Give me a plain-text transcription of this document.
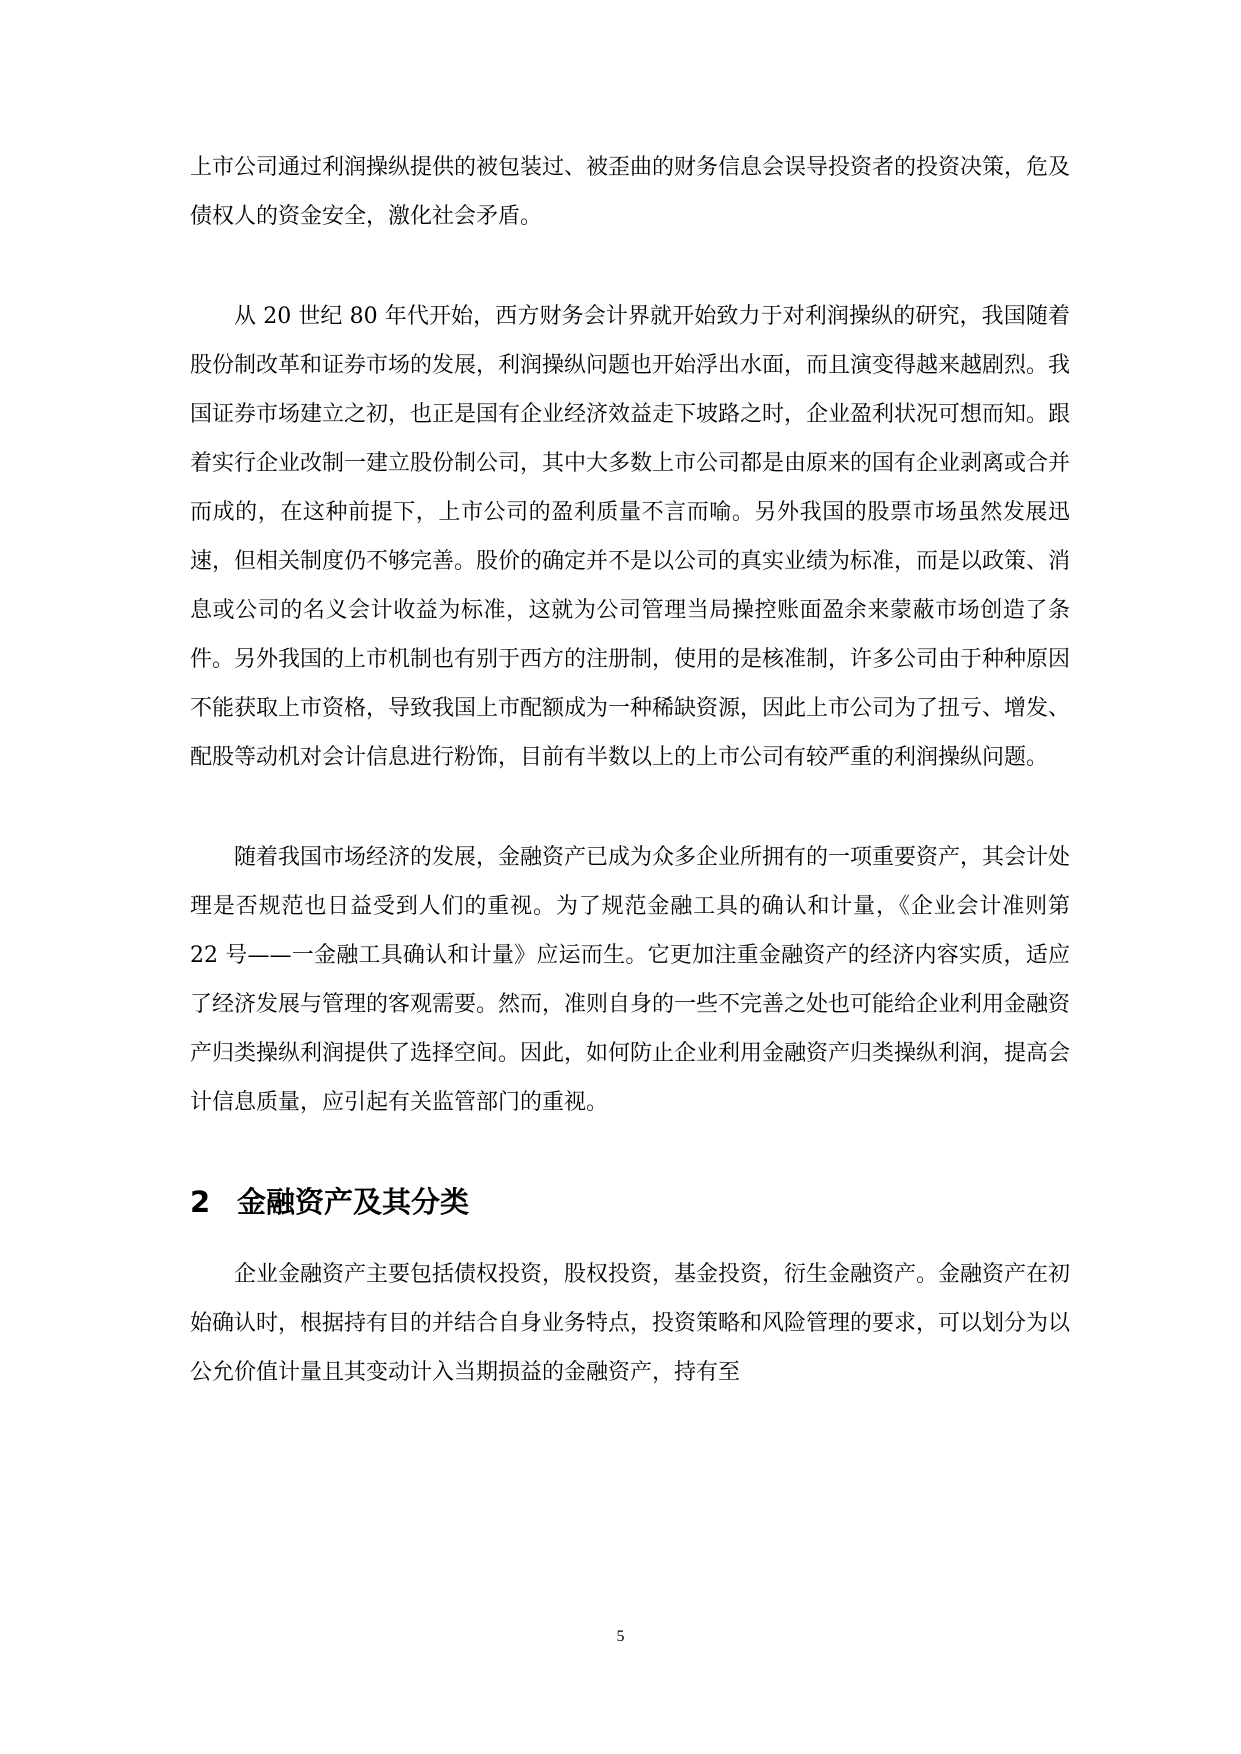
上市公司通过利润操纵提供的被包装过、被歪曲的财务信息会误导投资者的投资决策，危及债权人的资金安全，激化社会矛盾。

从 20 世纪 80 年代开始，西方财务会计界就开始致力于对利润操纵的研究，我国随着股份制改革和证券市场的发展，利润操纵问题也开始浮出水面，而且演变得越来越剧烈。我国证券市场建立之初，也正是国有企业经济效益走下坡路之时，企业盈利状况可想而知。跟着实行企业改制一建立股份制公司，其中大多数上市公司都是由原来的国有企业剥离或合并而成的，在这种前提下，上市公司的盈利质量不言而喻。另外我国的股票市场虽然发展迅速，但相关制度仍不够完善。股价的确定并不是以公司的真实业绩为标准，而是以政策、消息或公司的名义会计收益为标准，这就为公司管理当局操控账面盈余来蒙蔽市场创造了条件。另外我国的上市机制也有别于西方的注册制，使用的是核准制，许多公司由于种种原因不能获取上市资格，导致我国上市配额成为一种稀缺资源，因此上市公司为了扭亏、增发、配股等动机对会计信息进行粉饰，目前有半数以上的上市公司有较严重的利润操纵问题。

随着我国市场经济的发展，金融资产已成为众多企业所拥有的一项重要资产，其会计处理是否规范也日益受到人们的重视。为了规范金融工具的确认和计量，《企业会计准则第 22 号——一金融工具确认和计量》应运而生。它更加注重金融资产的经济内容实质，适应了经济发展与管理的客观需要。然而，准则自身的一些不完善之处也可能给企业利用金融资产归类操纵利润提供了选择空间。因此，如何防止企业利用金融资产归类操纵利润，提高会计信息质量，应引起有关监管部门的重视。

2 金融资产及其分类

企业金融资产主要包括债权投资，股权投资，基金投资，衍生金融资产。金融资产在初始确认时，根据持有目的并结合自身业务特点，投资策略和风险管理的要求，可以划分为以公允价值计量且其变动计入当期损益的金融资产，持有至

5
